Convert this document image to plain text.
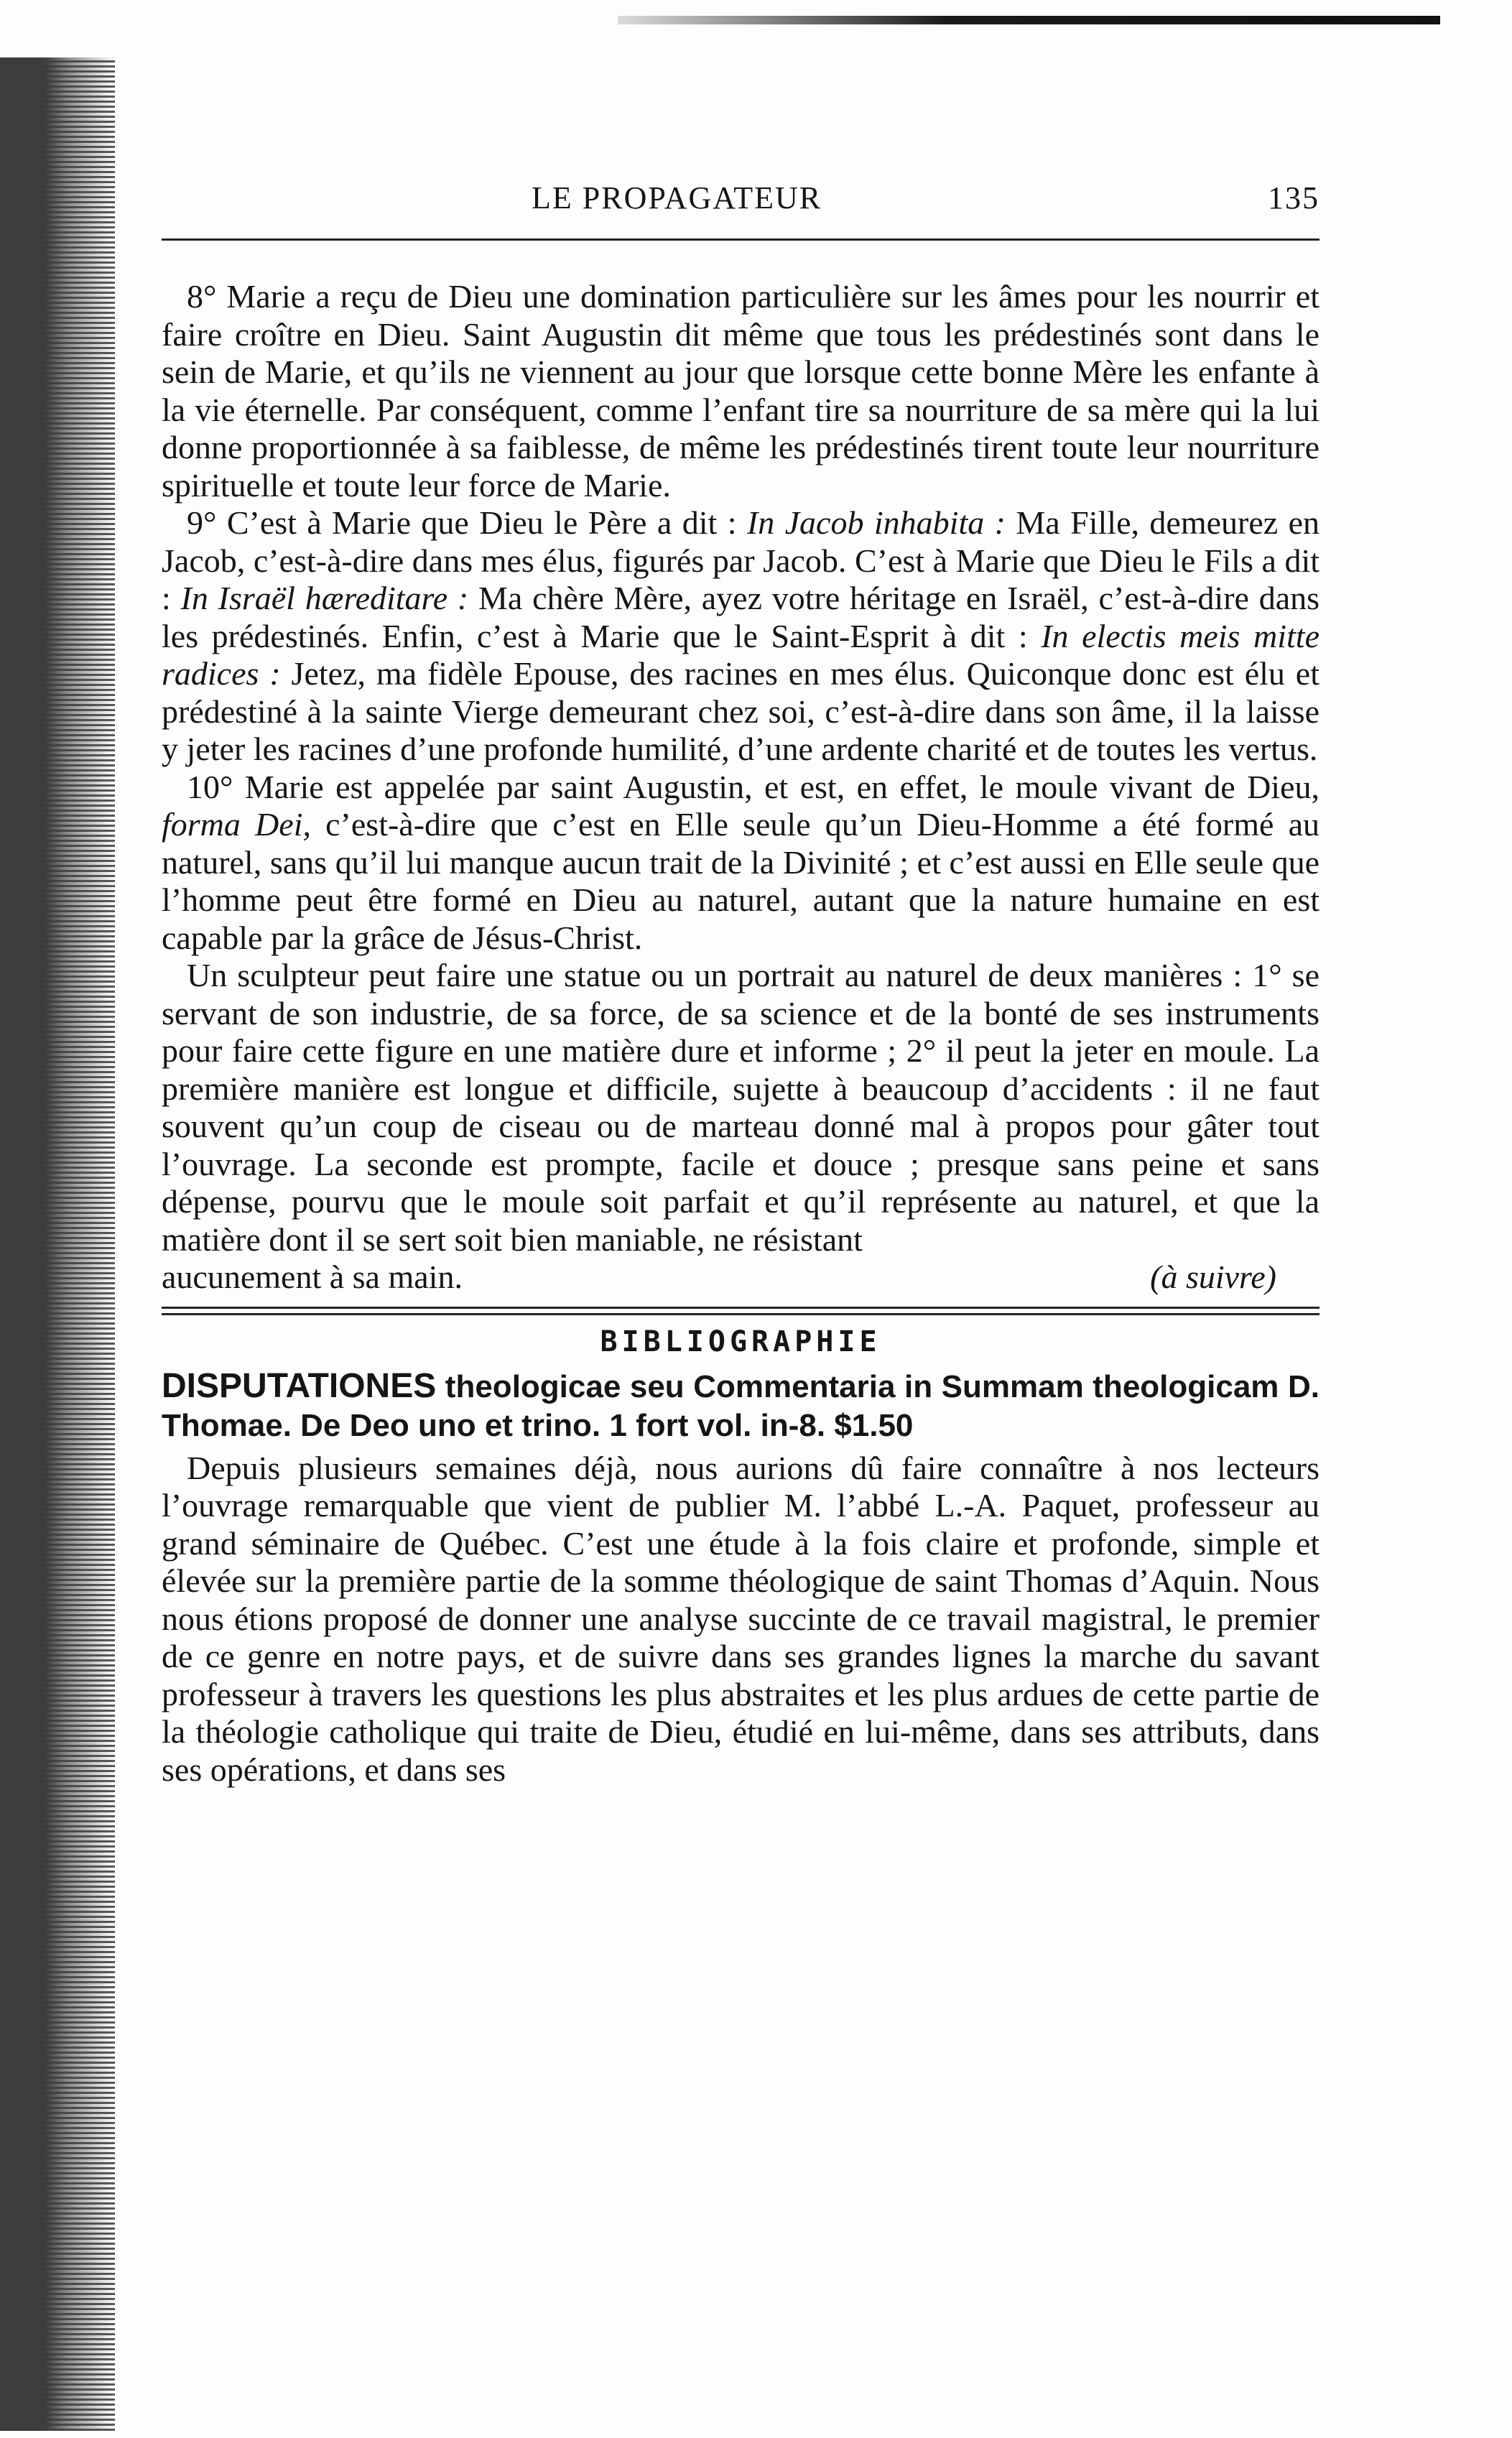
LE PROPAGATEUR	135

8° Marie a reçu de Dieu une domination particulière sur les âmes pour les nourrir et faire croître en Dieu. Saint Augustin dit même que tous les prédestinés sont dans le sein de Marie, et qu’ils ne viennent au jour que lorsque cette bonne Mère les enfante à la vie éternelle. Par conséquent, comme l’enfant tire sa nourriture de sa mère qui la lui donne proportionnée à sa faiblesse, de même les prédestinés tirent toute leur nourriture spirituelle et toute leur force de Marie.

9° C’est à Marie que Dieu le Père a dit : In Jacob inhabita : Ma Fille, demeurez en Jacob, c’est-à-dire dans mes élus, figurés par Jacob. C’est à Marie que Dieu le Fils a dit : In Israël hæreditare : Ma chère Mère, ayez votre héritage en Israël, c’est-à-dire dans les prédestinés. Enfin, c’est à Marie que le Saint-Esprit à dit : In electis meis mitte radices : Jetez, ma fidèle Epouse, des racines en mes élus. Quiconque donc est élu et prédestiné à la sainte Vierge demeurant chez soi, c’est-à-dire dans son âme, il la laisse y jeter les racines d’une profonde humilité, d’une ardente charité et de toutes les vertus.

10° Marie est appelée par saint Augustin, et est, en effet, le moule vivant de Dieu, forma Dei, c’est-à-dire que c’est en Elle seule qu’un Dieu-Homme a été formé au naturel, sans qu’il lui manque aucun trait de la Divinité ; et c’est aussi en Elle seule que l’homme peut être formé en Dieu au naturel, autant que la nature humaine en est capable par la grâce de Jésus-Christ.

Un sculpteur peut faire une statue ou un portrait au naturel de deux manières : 1° se servant de son industrie, de sa force, de sa science et de la bonté de ses instruments pour faire cette figure en une matière dure et informe ; 2° il peut la jeter en moule. La première manière est longue et difficile, sujette à beaucoup d’accidents : il ne faut souvent qu’un coup de ciseau ou de marteau donné mal à propos pour gâter tout l’ouvrage. La seconde est prompte, facile et douce ; presque sans peine et sans dépense, pourvu que le moule soit parfait et qu’il représente au naturel, et que la matière dont il se sert soit bien maniable, ne résistant

aucunement à sa main.	(à suivre)
BIBLIOGRAPHIE
DISPUTATIONES theologicae seu Commentaria in Summam theologicam D. Thomae. De Deo uno et trino. 1 fort vol. in-8. $1.50

Depuis plusieurs semaines déjà, nous aurions dû faire connaître à nos lecteurs l’ouvrage remarquable que vient de publier M. l’abbé L.-A. Paquet, professeur au grand séminaire de Québec. C’est une étude à la fois claire et profonde, simple et élevée sur la première partie de la somme théologique de saint Thomas d’Aquin. Nous nous étions proposé de donner une analyse succinte de ce travail magistral, le premier de ce genre en notre pays, et de suivre dans ses grandes lignes la marche du savant professeur à travers les questions les plus abstraites et les plus ardues de cette partie de la théologie catholique qui traite de Dieu, étudié en lui-même, dans ses attributs, dans ses opérations, et dans ses
